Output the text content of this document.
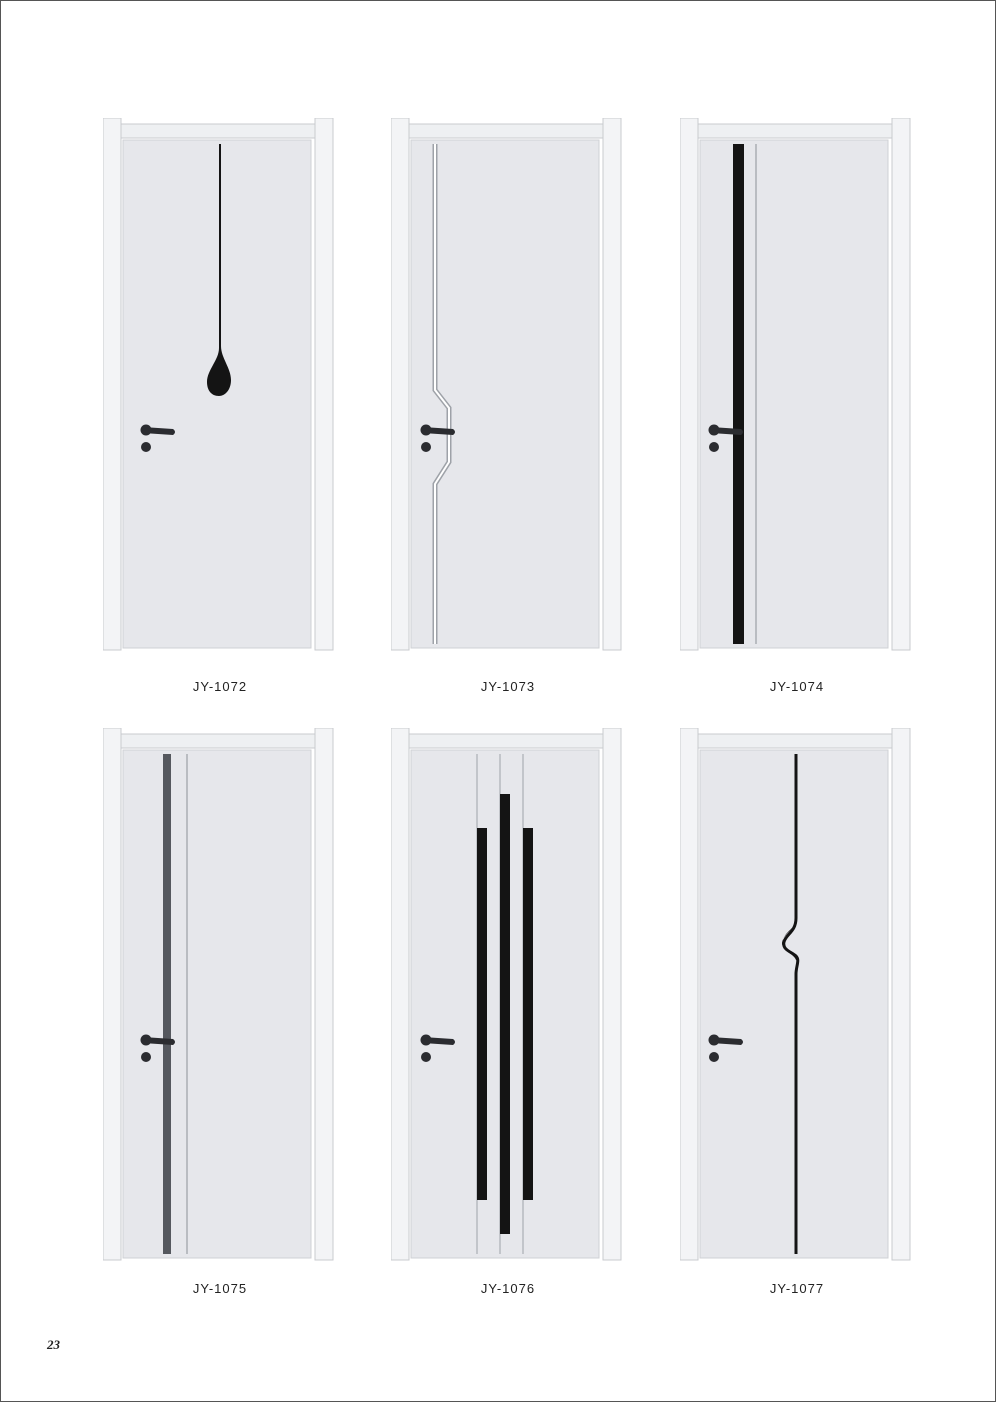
JY-1072	JY-1073	JY-1074
JY-1075	JY-1076	JY-1077
23
